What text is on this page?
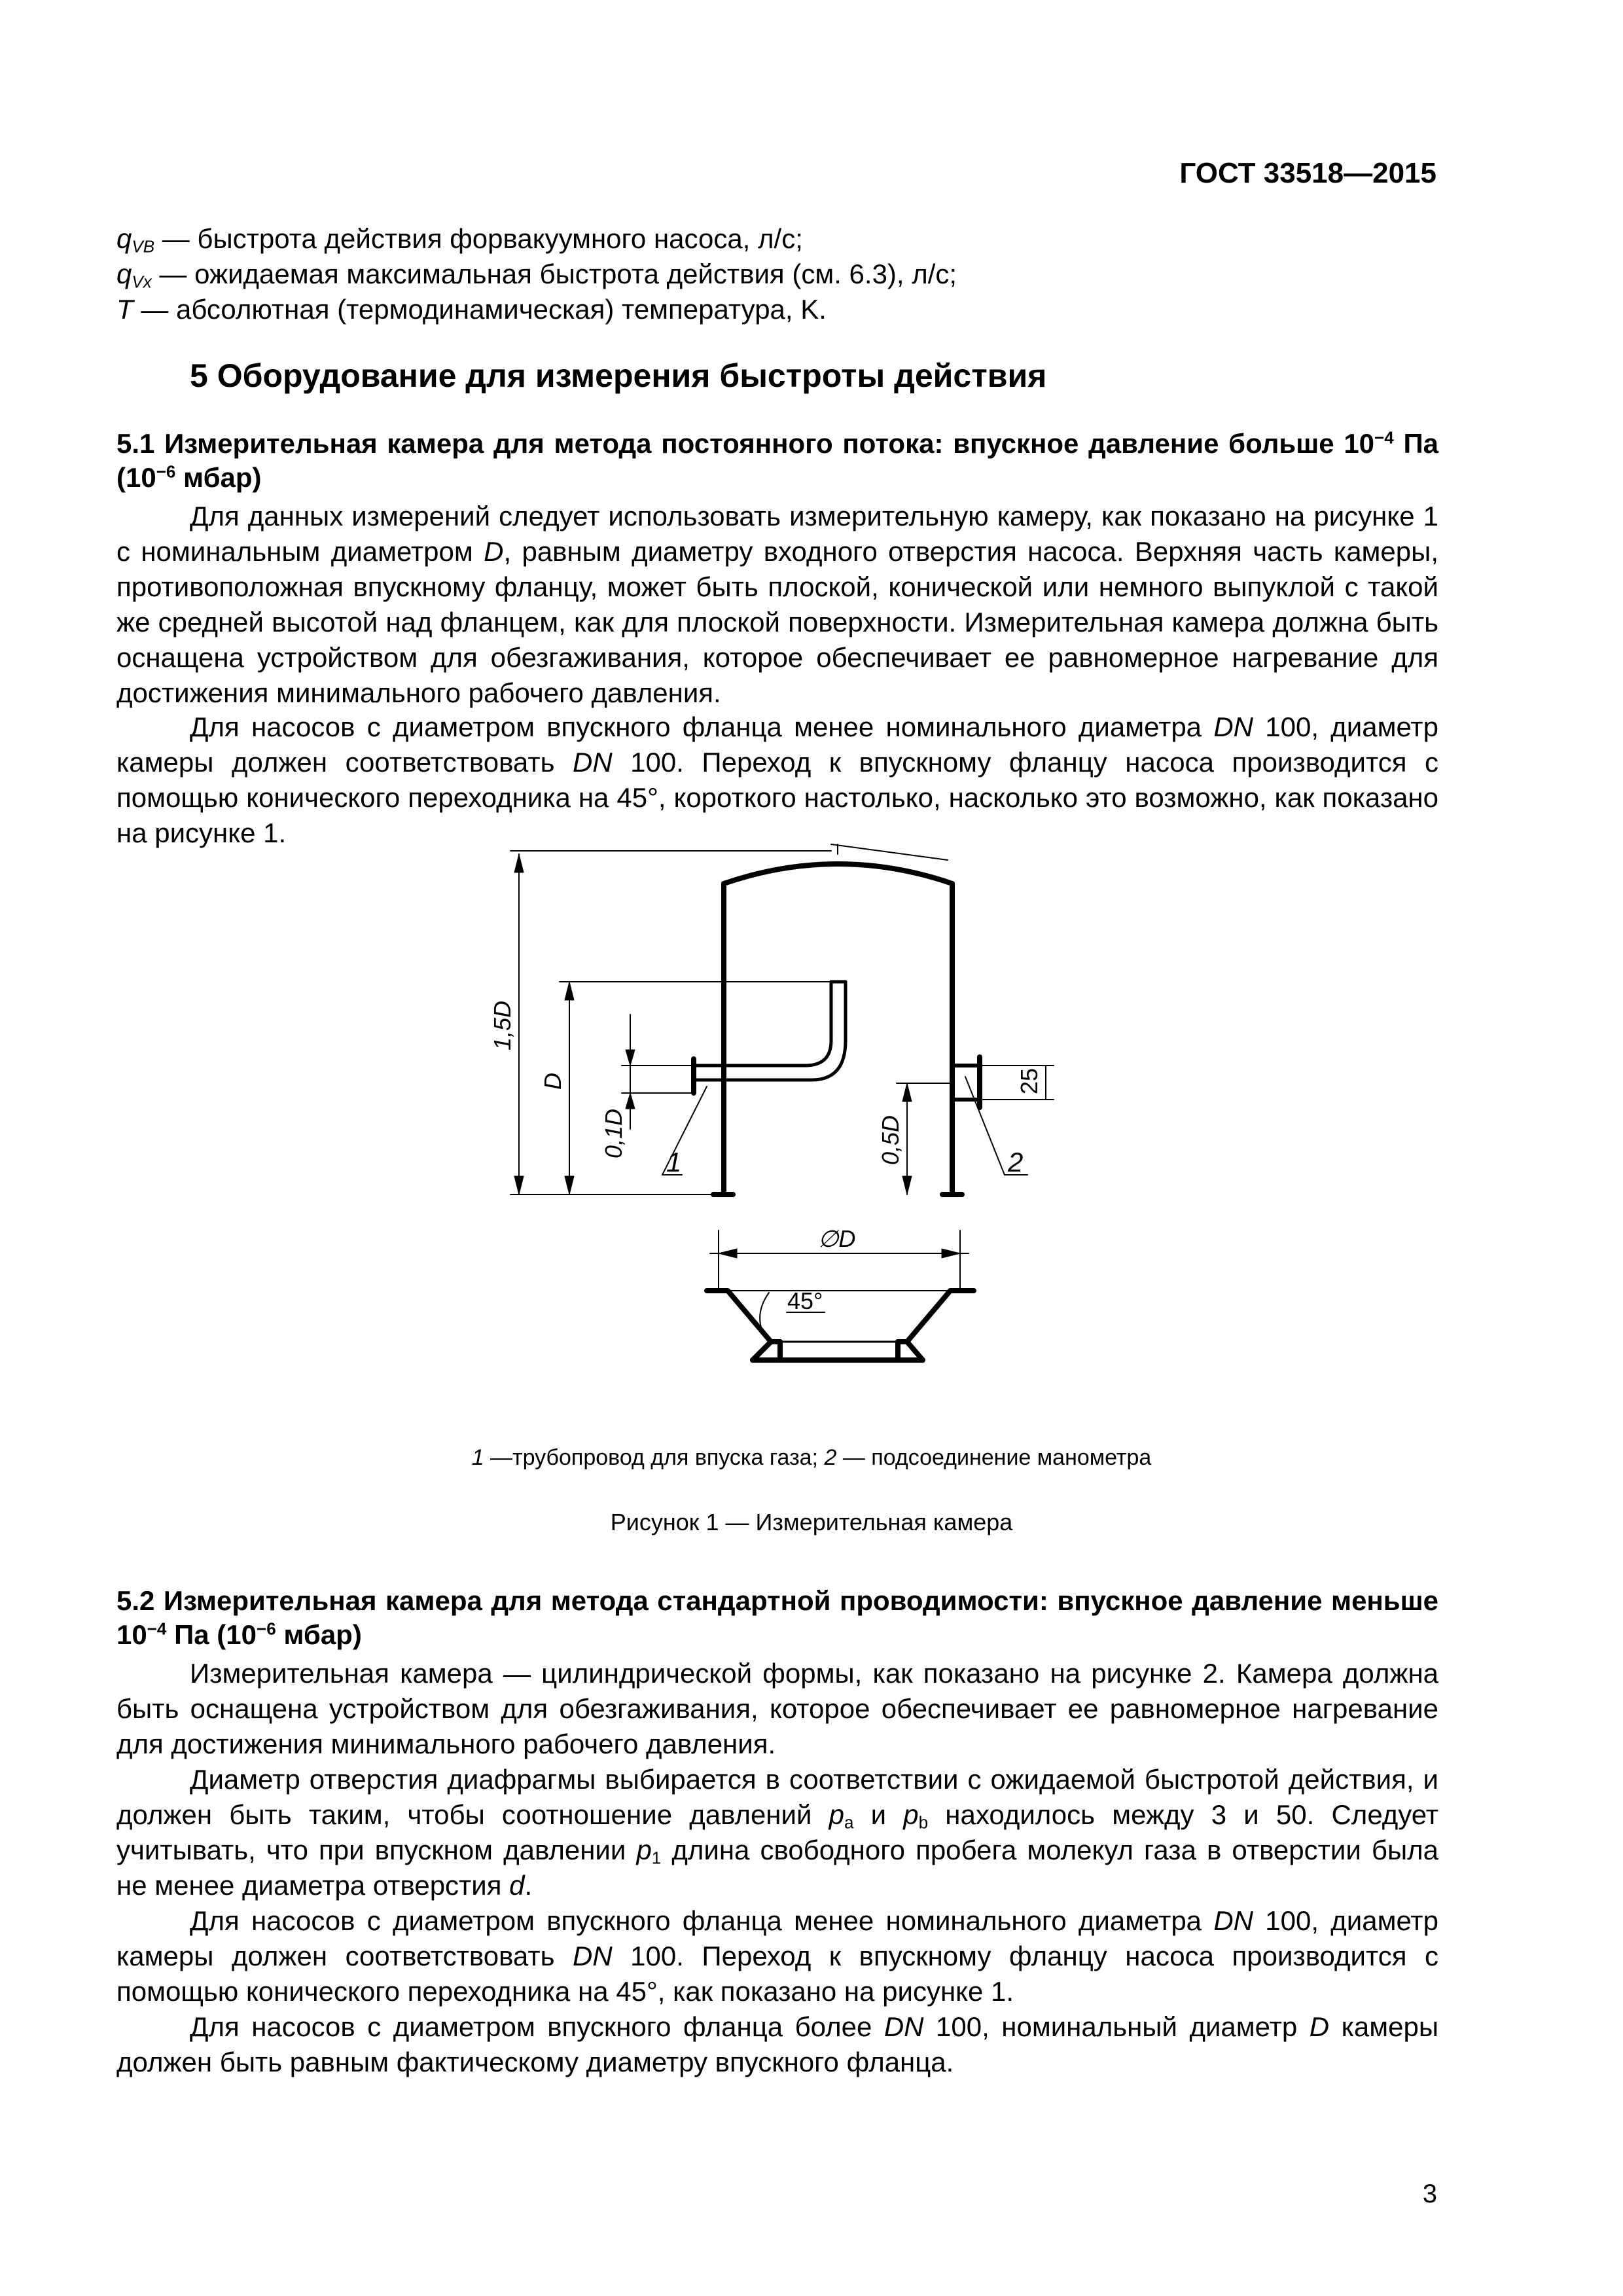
ГОСТ 33518—2015
$q_{VB}$ — быстрота действия форвакуумного насоса, л/с;
$q_{Vx}$ — ожидаемая максимальная быстрота действия (см. 6.3), л/с;
T — абсолютная (термодинамическая) температура, K.
5 Оборудование для измерения быстроты действия
5.1 Измерительная камера для метода постоянного потока: впускное давление больше $10^{-4}$ Па ($10^{-6}$ мбар)
Для данных измерений следует использовать измерительную камеру, как показано на рисунке 1 с номинальным диаметром D, равным диаметру входного отверстия насоса. Верхняя часть камеры, противоположная впускному фланцу, может быть плоской, конической или немного выпуклой с такой же средней высотой над фланцем, как для плоской поверхности. Измерительная камера должна быть оснащена устройством для обезгаживания, которое обеспечивает ее равномерное нагревание для достижения минимального рабочего давления.
Для насосов с диаметром впускного фланца менее номинального диаметра DN 100, диаметр камеры должен соответствовать DN 100. Переход к впускному фланцу насоса производится с помощью конического переходника на 45°, короткого настолько, насколько это возможно, как показано на рисунке 1.
1,5D
D
0,1D	0,5D
25
1	2
∅D
45°
1 —трубопровод для впуска газа; 2 — подсоединение манометра
Рисунок 1 — Измерительная камера
5.2 Измерительная камера для метода стандартной проводимости: впускное давление меньше $10^{-4}$ Па ($10^{-6}$ мбар)
Измерительная камера — цилиндрической формы, как показано на рисунке 2. Камера должна быть оснащена устройством для обезгаживания, которое обеспечивает ее равномерное нагревание для достижения минимального рабочего давления.
Диаметр отверстия диафрагмы выбирается в соответствии с ожидаемой быстротой действия, и должен быть таким, чтобы соотношение давлений $p_a$ и $p_b$ находилось между 3 и 50. Следует учитывать, что при впускном давлении $p_1$ длина свободного пробега молекул газа в отверстии была не менее диаметра отверстия d.
Для насосов с диаметром впускного фланца менее номинального диаметра DN 100, диаметр камеры должен соответствовать DN 100. Переход к впускному фланцу насоса производится с помощью конического переходника на 45°, как показано на рисунке 1.
Для насосов с диаметром впускного фланца более DN 100, номинальный диаметр D камеры должен быть равным фактическому диаметру впускного фланца.
3
